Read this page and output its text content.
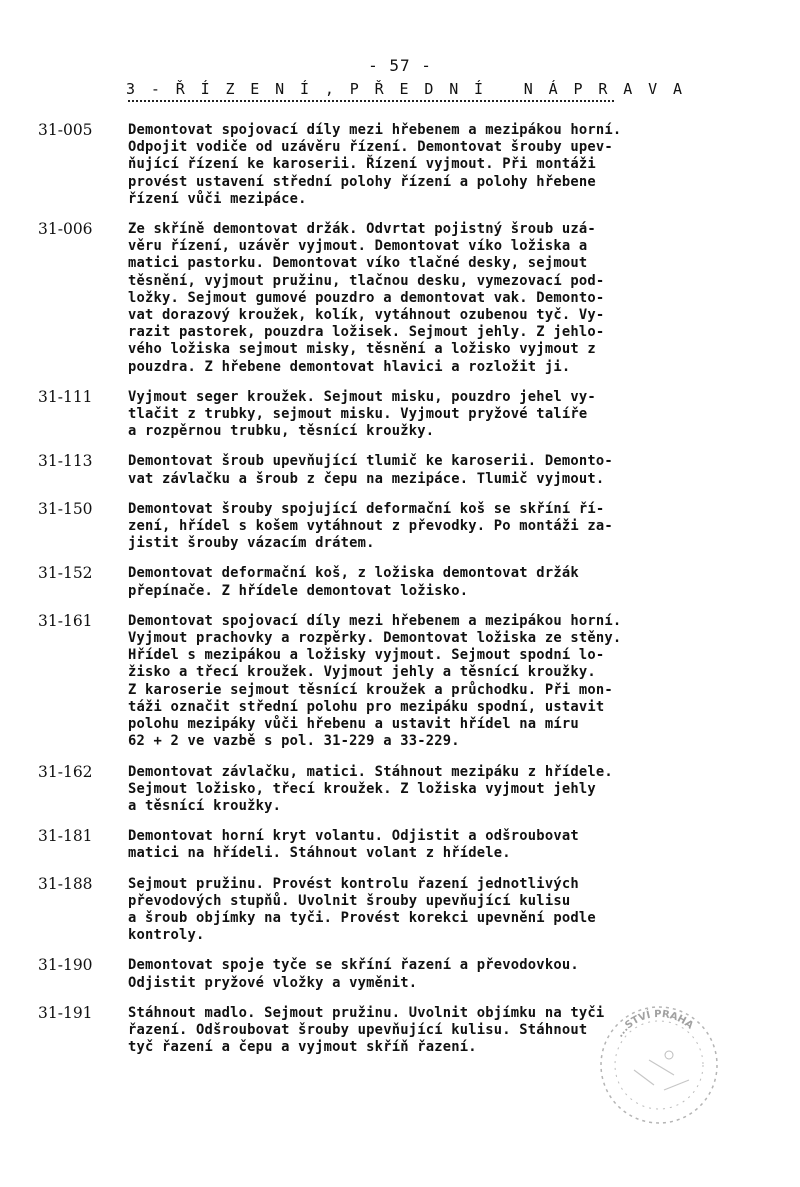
- 57 -
3 - Ř Í Z E N Í , P Ř E D N Í   N Á P R A V A
31-005	Demontovat spojovací díly mezi hřebenem a mezipákou horní.
Odpojit vodiče od uzávěru řízení. Demontovat šrouby upev-
ňující řízení ke karoserii. Řízení vyjmout. Při montáži
provést ustavení střední polohy řízení a polohy hřebene
řízení vůči mezipáce.
31-006	Ze skříně demontovat držák. Odvrtat pojistný šroub uzá-
věru řízení, uzávěr vyjmout. Demontovat víko ložiska a
matici pastorku. Demontovat víko tlačné desky, sejmout
těsnění, vyjmout pružinu, tlačnou desku, vymezovací pod-
ložky. Sejmout gumové pouzdro a demontovat vak. Demonto-
vat dorazový kroužek, kolík, vytáhnout ozubenou tyč. Vy-
razit pastorek, pouzdra ložisek. Sejmout jehly. Z jehlo-
vého ložiska sejmout misky, těsnění a ložisko vyjmout z
pouzdra. Z hřebene demontovat hlavici a rozložit ji.
31-111	Vyjmout seger kroužek. Sejmout misku, pouzdro jehel vy-
tlačit z trubky, sejmout misku. Vyjmout pryžové talíře
a rozpěrnou trubku, těsnící kroužky.
31-113	Demontovat šroub upevňující tlumič ke karoserii. Demonto-
vat závlačku a šroub z čepu na mezipáce. Tlumič vyjmout.
31-150	Demontovat šrouby spojující deformační koš se skříní ří-
zení, hřídel s košem vytáhnout z převodky. Po montáži za-
jistit šrouby vázacím drátem.
31-152	Demontovat deformační koš, z ložiska demontovat držák
přepínače. Z hřídele demontovat ložisko.
31-161	Demontovat spojovací díly mezi hřebenem a mezipákou horní.
Vyjmout prachovky a rozpěrky. Demontovat ložiska ze stěny.
Hřídel s mezipákou a ložisky vyjmout. Sejmout spodní lo-
žisko a třecí kroužek. Vyjmout jehly a těsnící kroužky.
Z karoserie sejmout těsnící kroužek a průchodku. Při mon-
táži označit střední polohu pro mezipáku spodní, ustavit
polohu mezipáky vůči hřebenu a ustavit hřídel na míru
62 + 2 ve vazbě s pol. 31-229 a 33-229.
31-162	Demontovat závlačku, matici. Stáhnout mezipáku z hřídele.
Sejmout ložisko, třecí kroužek. Z ložiska vyjmout jehly
a těsnící kroužky.
31-181	Demontovat horní kryt volantu. Odjistit a odšroubovat
matici na hřídeli. Stáhnout volant z hřídele.
31-188	Sejmout pružinu. Provést kontrolu řazení jednotlivých
převodových stupňů. Uvolnit šrouby upevňující kulisu
a šroub objímky na tyči. Provést korekci upevnění podle
kontroly.
31-190	Demontovat spoje tyče se skříní řazení a převodovkou.
Odjistit pryžové vložky a vyměnit.
31-191	Stáhnout madlo. Sejmout pružinu. Uvolnit objímku na tyči
řazení. Odšroubovat šrouby upevňující kulisu. Stáhnout
tyč řazení a čepu a vyjmout skříň řazení.
...STVÍ PRAHA
